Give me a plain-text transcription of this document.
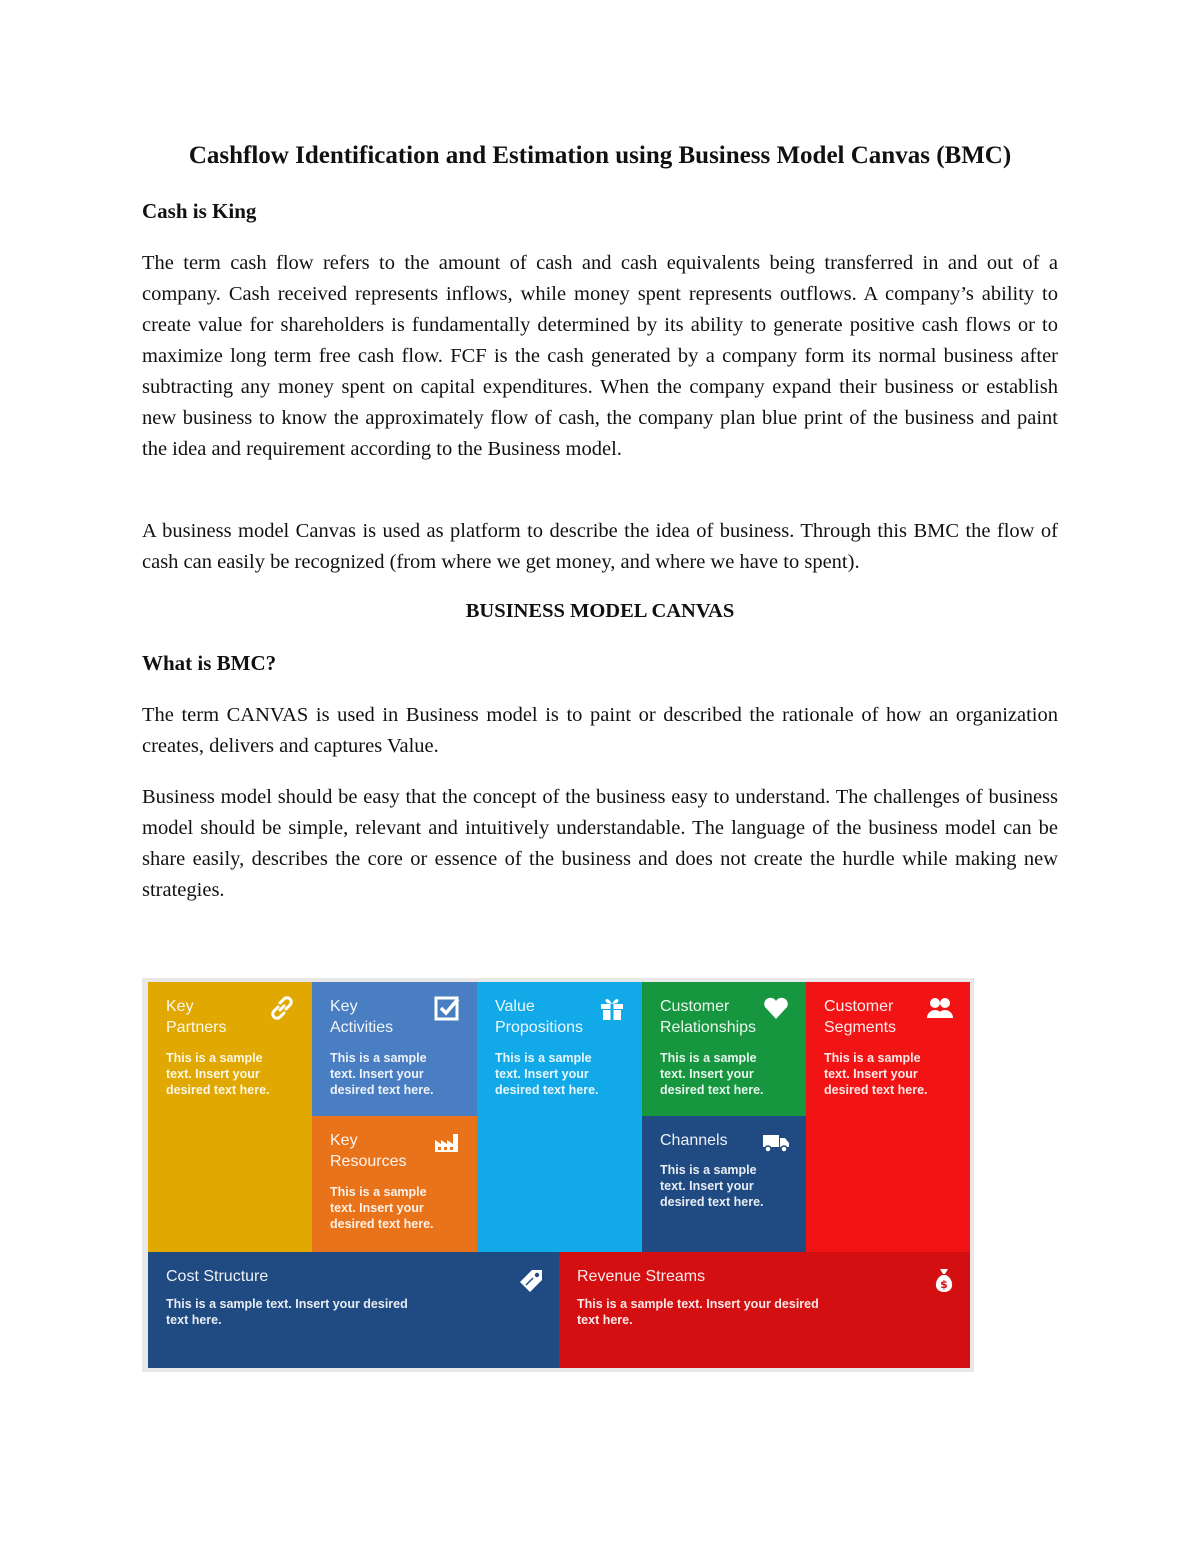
Cashflow Identification and Estimation using Business Model Canvas (BMC)
Cash is King
The term cash flow refers to the amount of cash and cash equivalents being transferred in and out of a company. Cash received represents inflows, while money spent represents outflows. A company’s ability to create value for shareholders is fundamentally determined by its ability to generate positive cash flows or to maximize long term free cash flow. FCF is the cash generated by a company form its normal business after subtracting any money spent on capital expenditures. When the company expand their business or establish new business to know the approximately flow of cash, the company plan blue print of the business and paint the idea and requirement according to the Business model.
A business model Canvas is used as platform to describe the idea of business. Through this BMC the flow of cash can easily be recognized (from where we get money, and where we have to spent).
BUSINESS MODEL CANVAS
What is BMC?
The term CANVAS is used in Business model is to paint or described the rationale of how an organization creates, delivers and captures Value.
Business model should be easy that the concept of the business easy to understand. The challenges of business model should be simple, relevant and intuitively understandable. The language of the business model can be share easily, describes the core or essence of the business and does not create the hurdle while making new strategies.
Key
Partners
This is a sample
text. Insert your
desired text here.
Key
Activities
This is a sample
text. Insert your
desired text here.
Key
Resources
This is a sample
text. Insert your
desired text here.
Value
Propositions
This is a sample
text. Insert your
desired text here.
Customer
Relationships
This is a sample
text. Insert your
desired text here.
Channels
This is a sample
text. Insert your
desired text here.
Customer
Segments
This is a sample
text. Insert your
desired text here.
Cost Structure
This is a sample text. Insert your desired
text here.
Revenue Streams
This is a sample text. Insert your desired
text here.
$
